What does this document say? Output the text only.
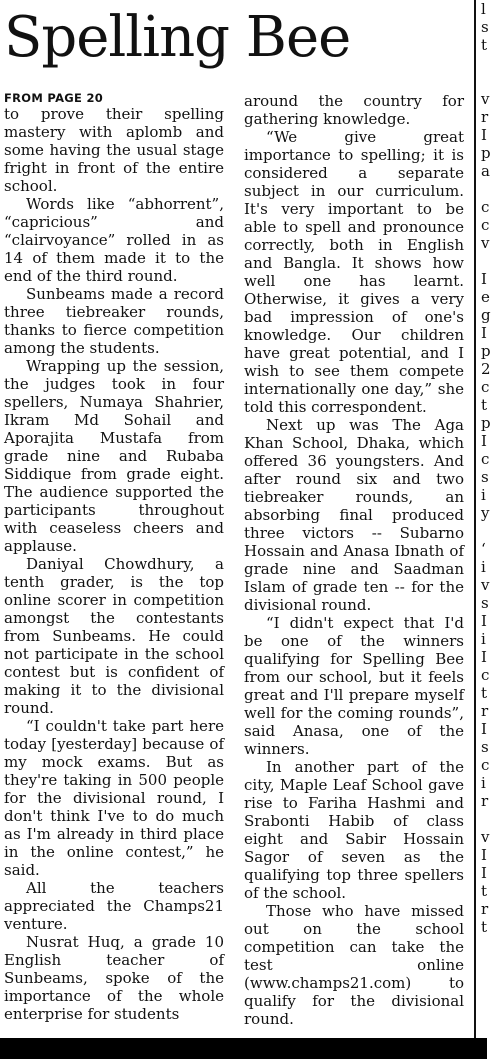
Spelling Bee
FROM PAGE 20

to prove their spelling mastery with aplomb and some having the usual stage fright in front of the entire school.

Words like “abhorrent”, “capricious” and “clairvoyance” rolled in as 14 of them made it to the end of the third round.

Sunbeams made a record three tiebreaker rounds, thanks to fierce competition among the students.

Wrapping up the session, the judges took in four spellers, Numaya Shahrier, Ikram Md Sohail and Aporajita Mustafa from grade nine and Rubaba Siddique from grade eight. The audience supported the participants throughout with ceaseless cheers and applause.

Daniyal Chowdhury, a tenth grader, is the top online scorer in competition amongst the contestants from Sunbeams. He could not participate in the school contest but is confident of making it to the divisional round.

“I couldn't take part here today [yesterday] because of my mock exams. But as they're taking in 500 people for the divisional round, I don't think I've to do much as I'm already in third place in the online contest,” he said.

All the teachers appreciated the Champs21 venture.

Nusrat Huq, a grade 10 English teacher of Sunbeams, spoke of the importance of the whole enterprise for students

around the country for gathering knowledge.

“We give great importance to spelling; it is considered a separate subject in our curriculum. It's very important to be able to spell and pronounce correctly, both in English and Bangla. It shows how well one has learnt. Otherwise, it gives a very bad impression of one's knowledge. Our children have great potential, and I wish to see them compete internationally one day,” she told this correspondent.

Next up was The Aga Khan School, Dhaka, which offered 36 youngsters. And after round six and two tiebreaker rounds, an absorbing final produced three victors -- Subarno Hossain and Anasa Ibnath of grade nine and Saadman Islam of grade ten -- for the divisional round.

“I didn't expect that I'd be one of the winners qualifying for Spelling Bee from our school, but it feels great and I'll prepare myself well for the coming rounds”, said Anasa, one of the winners.

In another part of the city, Maple Leaf School gave rise to Fariha Hashmi and Srabonti Habib of class eight and Sabir Hossain Sagor of seven as the qualifying top three spellers of the school.

Those who have missed out on the school competition can take the test online (www.champs21.com) to qualify for the divisional round.

l
s
t

v
r
I
p
a

c
c
v

I
e
g
I
p
2
c
t
p
I
c
s
i
y

‘
i
v
s
I
i
I
c
t
r
I
s
c
i
r

v
I
I
t
r
t
